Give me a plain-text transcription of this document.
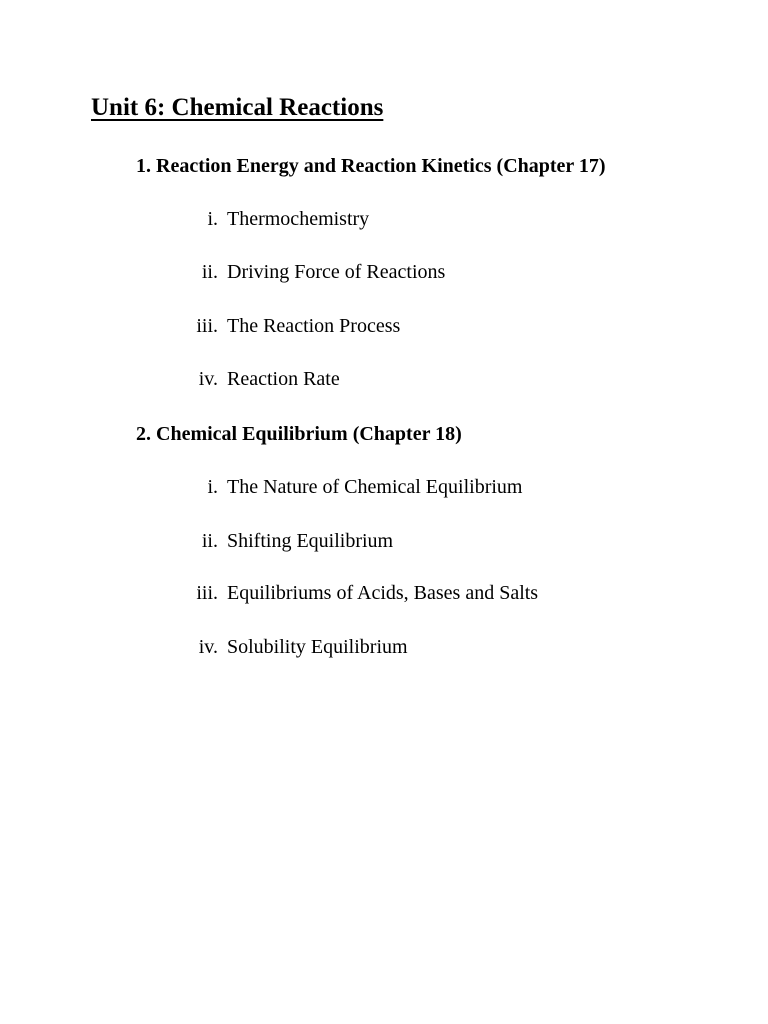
Unit 6: Chemical Reactions
1. Reaction Energy and Reaction Kinetics (Chapter 17)
i. Thermochemistry
ii. Driving Force of Reactions
iii. The Reaction Process
iv. Reaction Rate
2. Chemical Equilibrium (Chapter 18)
i. The Nature of Chemical Equilibrium
ii. Shifting Equilibrium
iii. Equilibriums of Acids, Bases and Salts
iv. Solubility Equilibrium
